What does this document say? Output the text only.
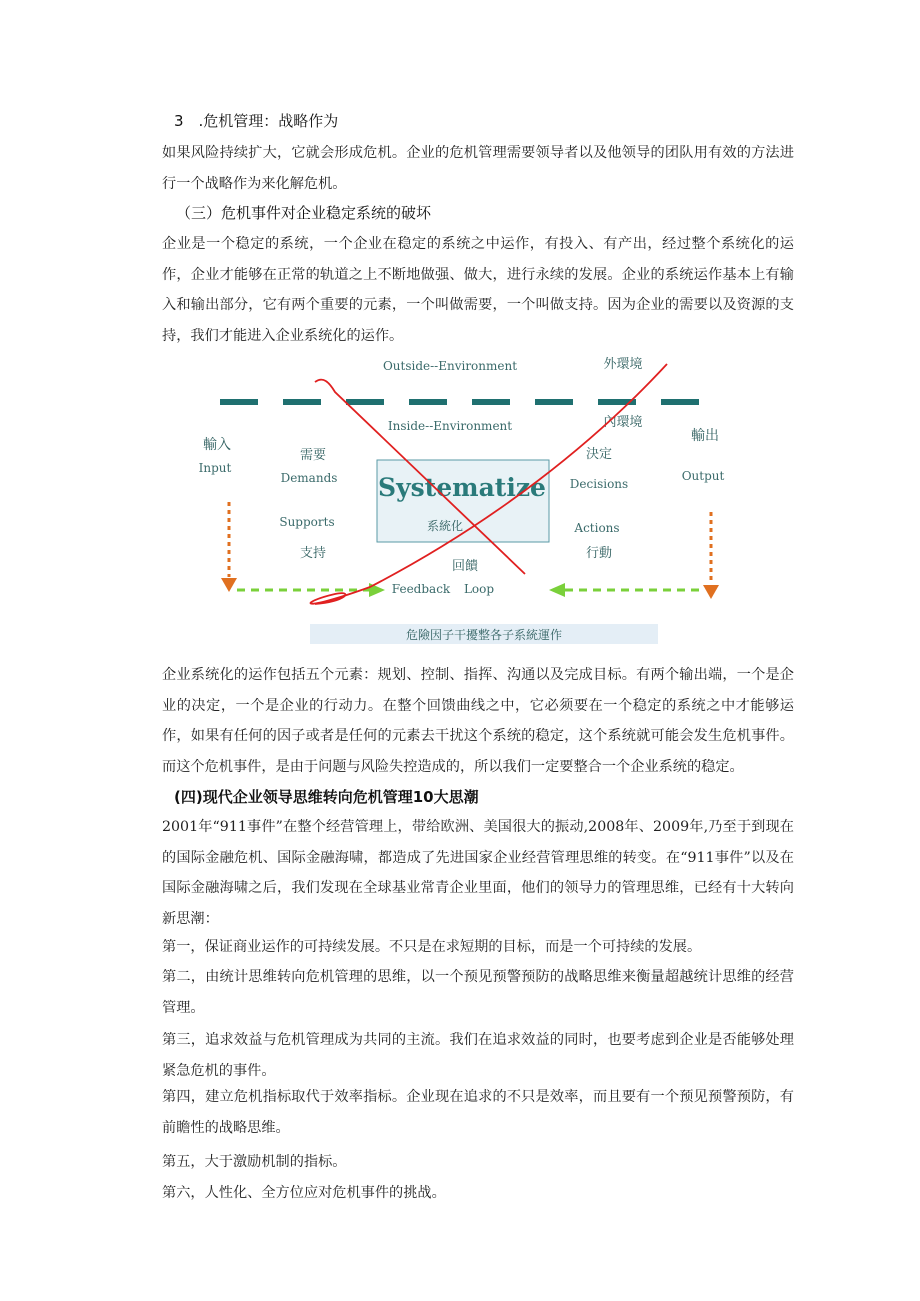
3　.危机管理：战略作为

如果风险持续扩大，它就会形成危机。企业的危机管理需要领导者以及他领导的团队用有效的方法进行一个战略作为来化解危机。

（三）危机事件对企业稳定系统的破坏

企业是一个稳定的系统，一个企业在稳定的系统之中运作，有投入、有产出，经过整个系统化的运作，企业才能够在正常的轨道之上不断地做强、做大，进行永续的发展。企业的系统运作基本上有输入和输出部分，它有两个重要的元素，一个叫做需要，一个叫做支持。因为企业的需要以及资源的支持，我们才能进入企业系统化的运作。

Outside--Environment	外環境
Inside--Environment	內環境
輸入
Input
輸出
Output
需要
Demands
Supports
支持
Systematize
系統化
決定
Decisions
Actions
行動
回饋
Feedback Loop
危險因子干擾整各子系統運作

企业系统化的运作包括五个元素：规划、控制、指挥、沟通以及完成目标。有两个输出端，一个是企业的决定，一个是企业的行动力。在整个回馈曲线之中，它必须要在一个稳定的系统之中才能够运作，如果有任何的因子或者是任何的元素去干扰这个系统的稳定，这个系统就可能会发生危机事件。而这个危机事件，是由于问题与风险失控造成的，所以我们一定要整合一个企业系统的稳定。

(四)现代企业领导思维转向危机管理10大思潮

2001年“911事件”在整个经营管理上，带给欧洲、美国很大的振动,2008年、2009年,乃至于到现在的国际金融危机、国际金融海啸，都造成了先进国家企业经营管理思维的转变。在“911事件”以及在国际金融海啸之后，我们发现在全球基业常青企业里面，他们的领导力的管理思维，已经有十大转向新思潮：

第一，保证商业运作的可持续发展。不只是在求短期的目标，而是一个可持续的发展。

第二，由统计思维转向危机管理的思维，以一个预见预警预防的战略思维来衡量超越统计思维的经营管理。

第三，追求效益与危机管理成为共同的主流。我们在追求效益的同时，也要考虑到企业是否能够处理紧急危机的事件。

第四，建立危机指标取代于效率指标。企业现在追求的不只是效率，而且要有一个预见预警预防，有前瞻性的战略思维。

第五，大于激励机制的指标。

第六，人性化、全方位应对危机事件的挑战。
